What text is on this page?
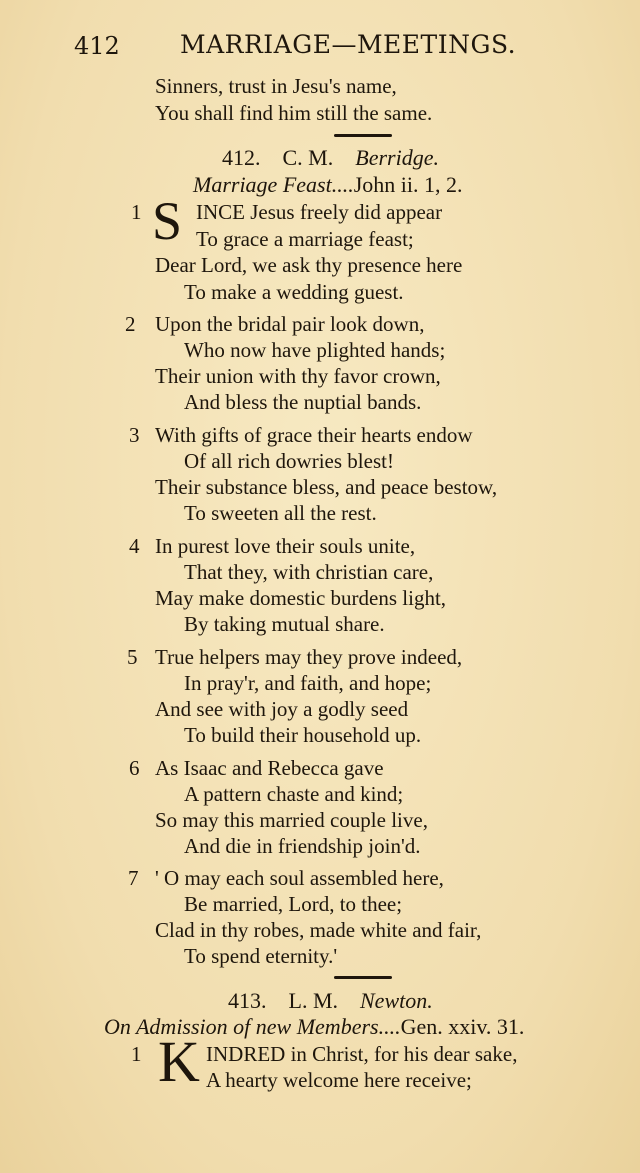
412 MARRIAGE—MEETINGS.
Sinners, trust in Jesu's name,
You shall find him still the same.
412. C. M. Berridge.
Marriage Feast....John ii. 1, 2.
1 S INCE Jesus freely did appear
To grace a marriage feast;
Dear Lord, we ask thy presence here
To make a wedding guest.
2 Upon the bridal pair look down,
Who now have plighted hands;
Their union with thy favor crown,
And bless the nuptial bands.
3 With gifts of grace their hearts endow
Of all rich dowries blest!
Their substance bless, and peace bestow,
To sweeten all the rest.
4 In purest love their souls unite,
That they, with christian care,
May make domestic burdens light,
By taking mutual share.
5 True helpers may they prove indeed,
In pray'r, and faith, and hope;
And see with joy a godly seed
To build their household up.
6 As Isaac and Rebecca gave
A pattern chaste and kind;
So may this married couple live,
And die in friendship join'd.
7 ' O may each soul assembled here,
Be married, Lord, to thee;
Clad in thy robes, made white and fair,
To spend eternity.'
413. L. M. Newton.
On Admission of new Members....Gen. xxiv. 31.
1 K INDRED in Christ, for his dear sake,
A hearty welcome here receive;
